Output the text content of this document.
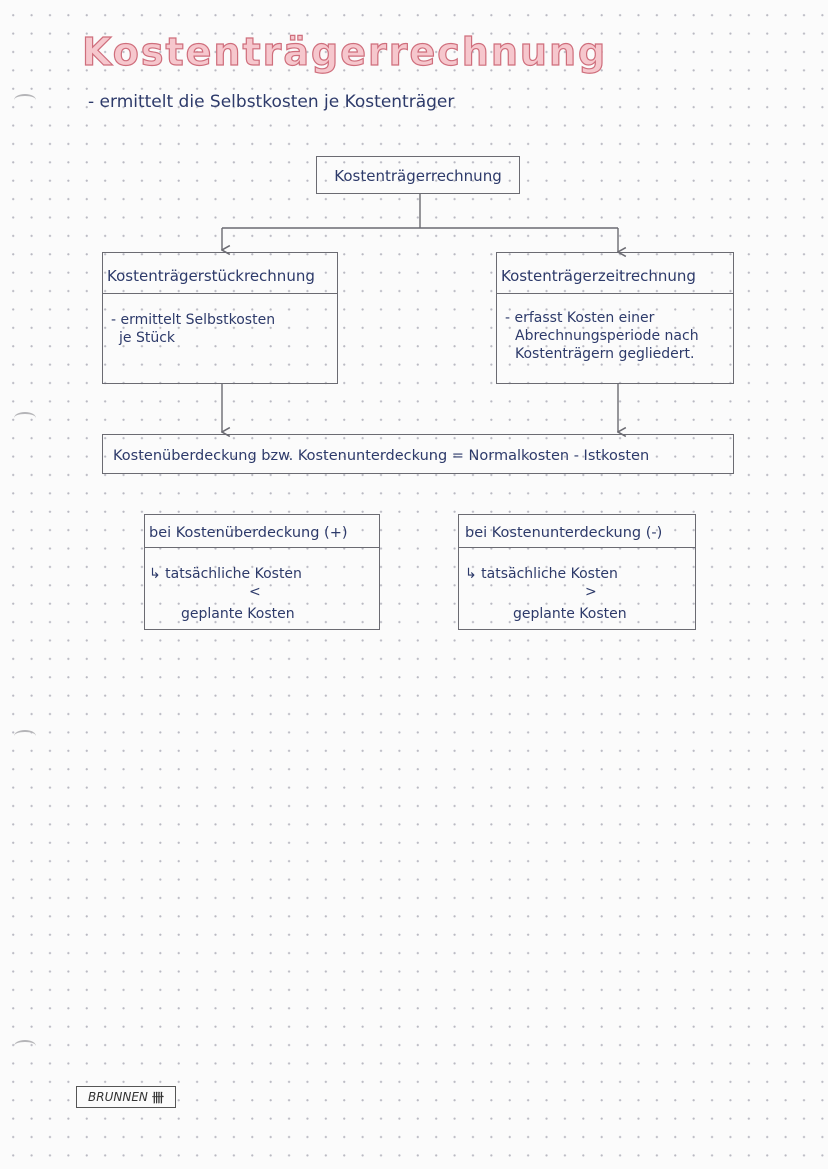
Kostenträgerrechnung
- ermittelt die Selbstkosten je Kostenträger
Kostenträgerrechnung
Kostenträgerstückrechnung
- ermittelt Selbstkosten
je Stück
Kostenträgerzeitrechnung
- erfasst Kosten einer
Abrechnungsperiode nach
Kostenträgern gegliedert.
Kostenüberdeckung bzw. Kostenunterdeckung = Normalkosten - Istkosten
bei Kostenüberdeckung (+)
↳ tatsächliche Kosten
<
geplante Kosten
bei Kostenunterdeckung (-)
↳ tatsächliche Kosten
>
geplante Kosten
BRUNNEN 卌
